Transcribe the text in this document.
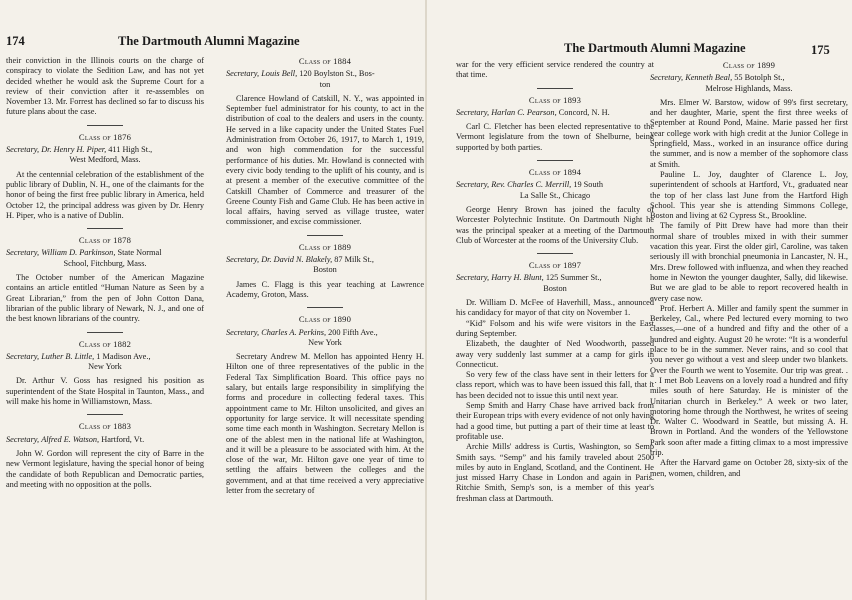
174	The Dartmouth Alumni Magazine

their conviction in the Illinois courts on the charge of conspiracy to violate the Sedition Law, and has not yet decided whether he would ask the Supreme Court for a review of their conviction after it re-assembles on November 13. Mr. Forrest has declined so far to discuss his future plans about the case.

Class of 1876
Secretary, Dr. Henry H. Piper, 411 High St.,
West Medford, Mass.

At the centennial celebration of the establishment of the public library of Dublin, N. H., one of the claimants for the honor of being the first free public library in America, held October 12, the principal address was given by Dr. Henry H. Piper, who is a native of Dublin.

Class of 1878
Secretary, William D. Parkinson, State Normal
School, Fitchburg, Mass.

The October number of the American Magazine contains an article entitled “Human Nature as Seen by a Great Librarian,” from the pen of John Cotton Dana, librarian of the public library of Newark, N. J., and one of the best known librarians of the country.

Class of 1882
Secretary, Luther B. Little, 1 Madison Ave.,
New York

Dr. Arthur V. Goss has resigned his position as superintendent of the State Hospital in Taunton, Mass., and will make his home in Williamstown, Mass.

Class of 1883
Secretary, Alfred E. Watson, Hartford, Vt.

John W. Gordon will represent the city of Barre in the new Vermont legislature, having the special honor of being the candidate of both Republican and Democratic parties, and meeting with no opposition at the polls.

Class of 1884
Secretary, Louis Bell, 120 Boylston St., Bos-
ton

Clarence Howland of Catskill, N. Y., was appointed in September fuel administrator for his county, to act in the distribution of coal to the dealers and users in the county. He served in a like capacity under the United States Fuel Administration from October 26, 1917, to March 1, 1919, and won high commendation for the successful performance of his duties. Mr. Howland is connected with every civic body tending to the uplift of his county, and is at present a member of the executive committee of the Catskill Chamber of Commerce and treasurer of the Greene County Fish and Game Club. He has been active in local affairs, having served as village trustee, water commissioner, and excise commissioner.

Class of 1889
Secretary, Dr. David N. Blakely, 87 Milk St.,
Boston

James C. Flagg is this year teaching at Lawrence Academy, Groton, Mass.

Class of 1890
Secretary, Charles A. Perkins, 200 Fifth Ave.,
New York

Secretary Andrew M. Mellon has appointed Henry H. Hilton one of three representatives of the public in the Federal Tax Simplification Board. This office pays no salary, but entails large responsibility in simplifying the forms and procedure in collecting federal taxes. This appointment came to Mr. Hilton unsolicited, and gives an opportunity for large service. It will necessitate spending some time each month in Washington. Secretary Mellon is one of the ablest men in the national life at Washington, and it will be a pleasure to be associated with him. At the close of the war, Mr. Hilton gave one year of time to settling the affairs between the colleges and the government, and at that time received a very appreciative letter from the secretary of

The Dartmouth Alumni Magazine	175

war for the very efficient service rendered the country at that time.

Class of 1893
Secretary, Harlan C. Pearson, Concord, N. H.

Carl C. Fletcher has been elected representative to the Vermont legislature from the town of Shelburne, being supported by both parties.

Class of 1894
Secretary, Rev. Charles C. Merrill, 19 South
La Salle St., Chicago

George Henry Brown has joined the faculty of Worcester Polytechnic Institute. On Dartmouth Night he was the principal speaker at a meeting of the Dartmouth Club of Worcester at the rooms of the University Club.

Class of 1897
Secretary, Harry H. Blunt, 125 Summer St.,
Boston

Dr. William D. McFee of Haverhill, Mass., announced his candidacy for mayor of that city on November 1.

“Kid” Folsom and his wife were visitors in the East during September.

Elizabeth, the daughter of Ned Woodworth, passed away very suddenly last summer at a camp for girls in Connecticut.

So very few of the class have sent in their letters for a class report, which was to have been issued this fall, that it has been decided not to issue this until next year.

Semp Smith and Harry Chase have arrived back from their European trips with every evidence of not only having had a good time, but putting a part of their time at least to profitable use.

Archie Mills' address is Curtis, Washington, so Semp Smith says. “Semp” and his family traveled about 2500 miles by auto in England, Scotland, and the Continent. He just missed Harry Chase in London and again in Paris. Ritchie Smith, Semp's son, is a member of this year's freshman class at Dartmouth.

Class of 1899
Secretary, Kenneth Beal, 55 Botolph St.,
Melrose Highlands, Mass.

Mrs. Elmer W. Barstow, widow of 99's first secretary, and her daughter, Marie, spent the first three weeks of September at Round Pond, Maine. Marie passed her first year college work with high credit at the Junior College in Springfield, Mass., worked in an insurance office during the summer, and is now a member of the sophomore class at Smith.

Pauline L. Joy, daughter of Clarence L. Joy, superintendent of schools at Hartford, Vt., graduated near the top of her class last June from the Hartford High School. This year she is attending Simmons College, Boston and living at 62 Cypress St., Brookline.

The family of Pitt Drew have had more than their normal share of troubles mixed in with their summer vacation this year. First the older girl, Caroline, was taken seriously ill with bronchial pneumonia in Lancaster, N. H., Mrs. Drew followed with influenza, and when they reached home in Newton the younger daughter, Sally, did likewise. But we are glad to be able to report recovered health in every case now.

Prof. Herbert A. Miller and family spent the summer in Berkeley, Cal., where Ped lectured every morning to two classes,—one of a hundred and fifty and the other of a hundred and eighty. August 20 he wrote: “It is a wonderful place to be in the summer. Never rains, and so cool that you never go without a vest and sleep under two blankets. Over the Fourth we went to Yosemite. Our trip was great. . . . I met Bob Leavens on a lovely road a hundred and fifty miles south of here Saturday. He is minister of the Unitarian church in Berkeley.” A week or two later, motoring home through the Northwest, he writes of seeing Dr. Walter C. Woodward in Seattle, but missing A. H. Brown in Portland. And the wonders of the Yellowstone Park soon after made a fitting climax to a most impressive trip.

After the Harvard game on October 28, sixty-six of the men, women, children, and
